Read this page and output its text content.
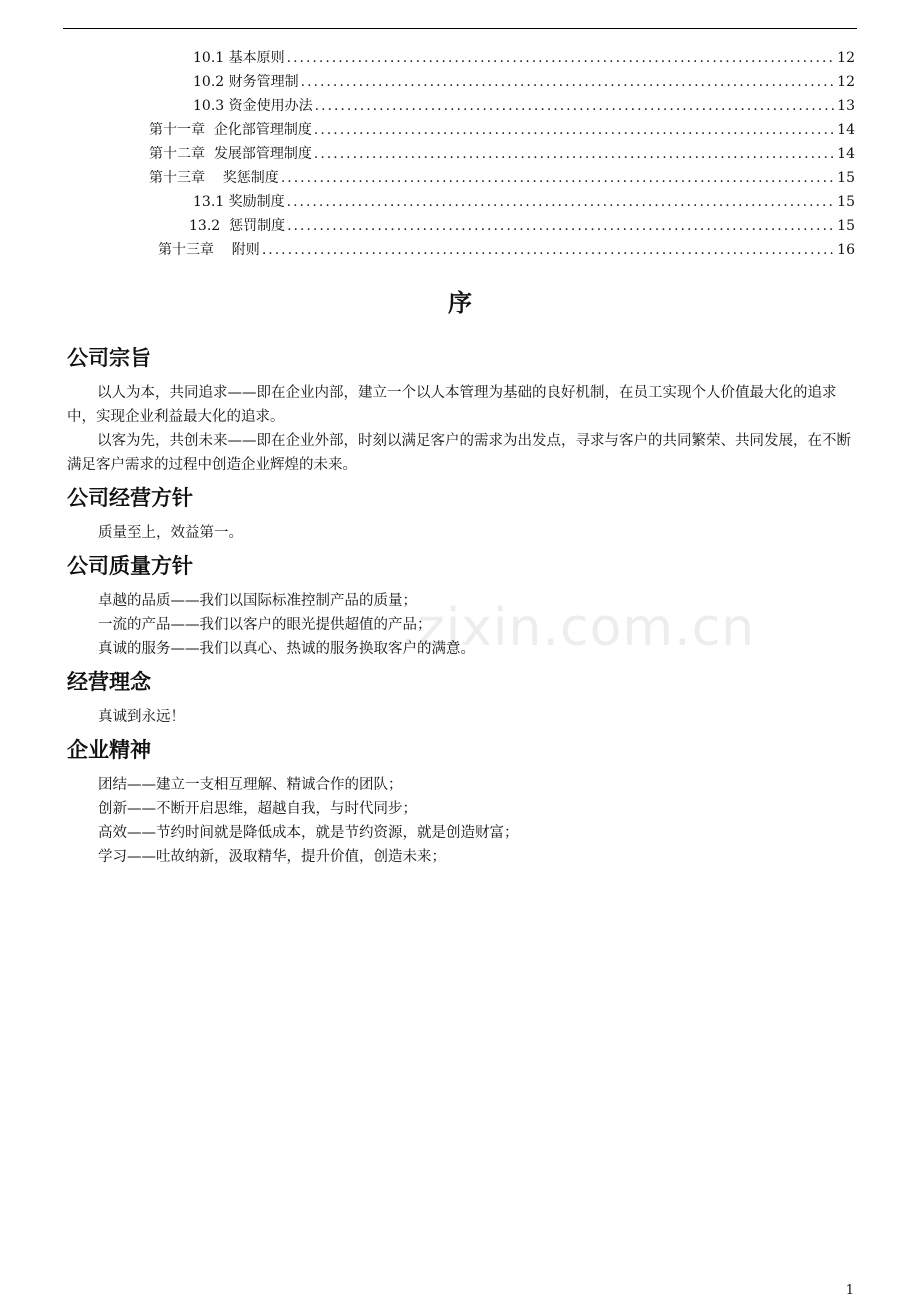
10.1 基本原则 .....	12
10.2 财务管理制 .....	12
10.3 资金使用办法 .....	13
第十一章  企化部管理制度 .....	14
第十二章  发展部管理制度 .....	14
第十三章    奖惩制度 .....	15
13.1 奖励制度 .....	15
13.2  惩罚制度 .....	15
第十三章    附则 .....	16
序
公司宗旨

以人为本，共同追求——即在企业内部，建立一个以人本管理为基础的良好机制，在员工实现个人价值最大化的追求中，实现企业利益最大化的追求。

以客为先，共创未来——即在企业外部，时刻以满足客户的需求为出发点，寻求与客户的共同繁荣、共同发展，在不断满足客户需求的过程中创造企业辉煌的未来。

公司经营方针

质量至上，效益第一。

公司质量方针

卓越的品质——我们以国际标准控制产品的质量；

一流的产品——我们以客户的眼光提供超值的产品；

真诚的服务——我们以真心、热诚的服务换取客户的满意。

经营理念

真诚到永远！

企业精神

团结——建立一支相互理解、精诚合作的团队；

创新——不断开启思维，超越自我，与时代同步；

高效——节约时间就是降低成本，就是节约资源，就是创造财富；

学习——吐故纳新，汲取精华，提升价值，创造未来；

.zixin.com.cn
1
